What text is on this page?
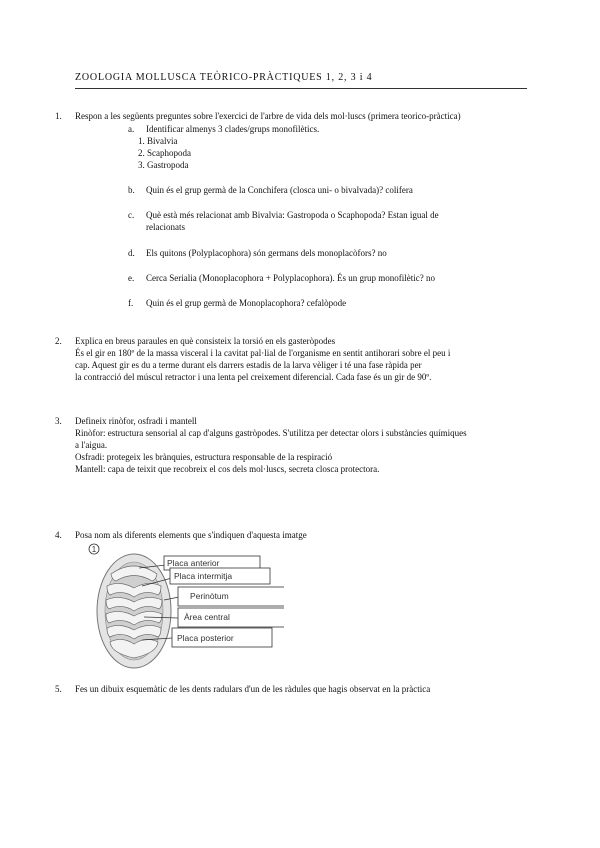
ZOOLOGIA MOLLUSCA TEÒRICO-PRÀCTIQUES 1, 2, 3 i 4
1. Respon a les següents preguntes sobre l'exercici de l'arbre de vida dels mol·luscs (primera teorico-pràctica)
a. Identificar almenys 3 clades/grups monofilètics.
1. Bivalvia
2. Scaphopoda
3. Gastropoda
b. Quin és el grup germà de la Conchifera (closca uni- o bivalvada)? colifera
c. Què està més relacionat amb Bivalvia: Gastropoda o Scaphopoda? Estan igual de
relacionats
d. Els quitons (Polyplacophora) són germans dels monoplacòfors? no
e. Cerca Serialia (Monoplacophora + Polyplacophora). És un grup monofilètic? no
f. Quin és el grup germà de Monoplacophora? cefalòpode
2. Explica en breus paraules en què consisteix la torsió en els gasteròpodes
És el gir en 180º de la massa visceral i la cavitat pal·lial de l'organisme en sentit antihorari sobre el peu i
cap. Aquest gir es du a terme durant els darrers estadis de la larva vèliger i té una fase ràpida per
la contracció del múscul retractor i una lenta pel creixement diferencial. Cada fase és un gir de 90º.
3. Defineix rinòfor, osfradi i mantell
Rinòfor: estructura sensorial al cap d'alguns gastròpodes. S'utilitza per detectar olors i substàncies químiques
a l'aigua.
Osfradi: protegeix les brànquies, estructura responsable de la respiració
Mantell: capa de teixit que recobreix el cos dels mol·luscs, secreta closca protectora.
4. Posa nom als diferents elements que s'indiquen d'aquesta imatge
1
Placa anterior
Placa intermitja
Perinòtum
Àrea central
Placa posterior
5. Fes un dibuix esquemàtic de les dents radulars d'un de les ràdules que hagis observat en la pràctica
